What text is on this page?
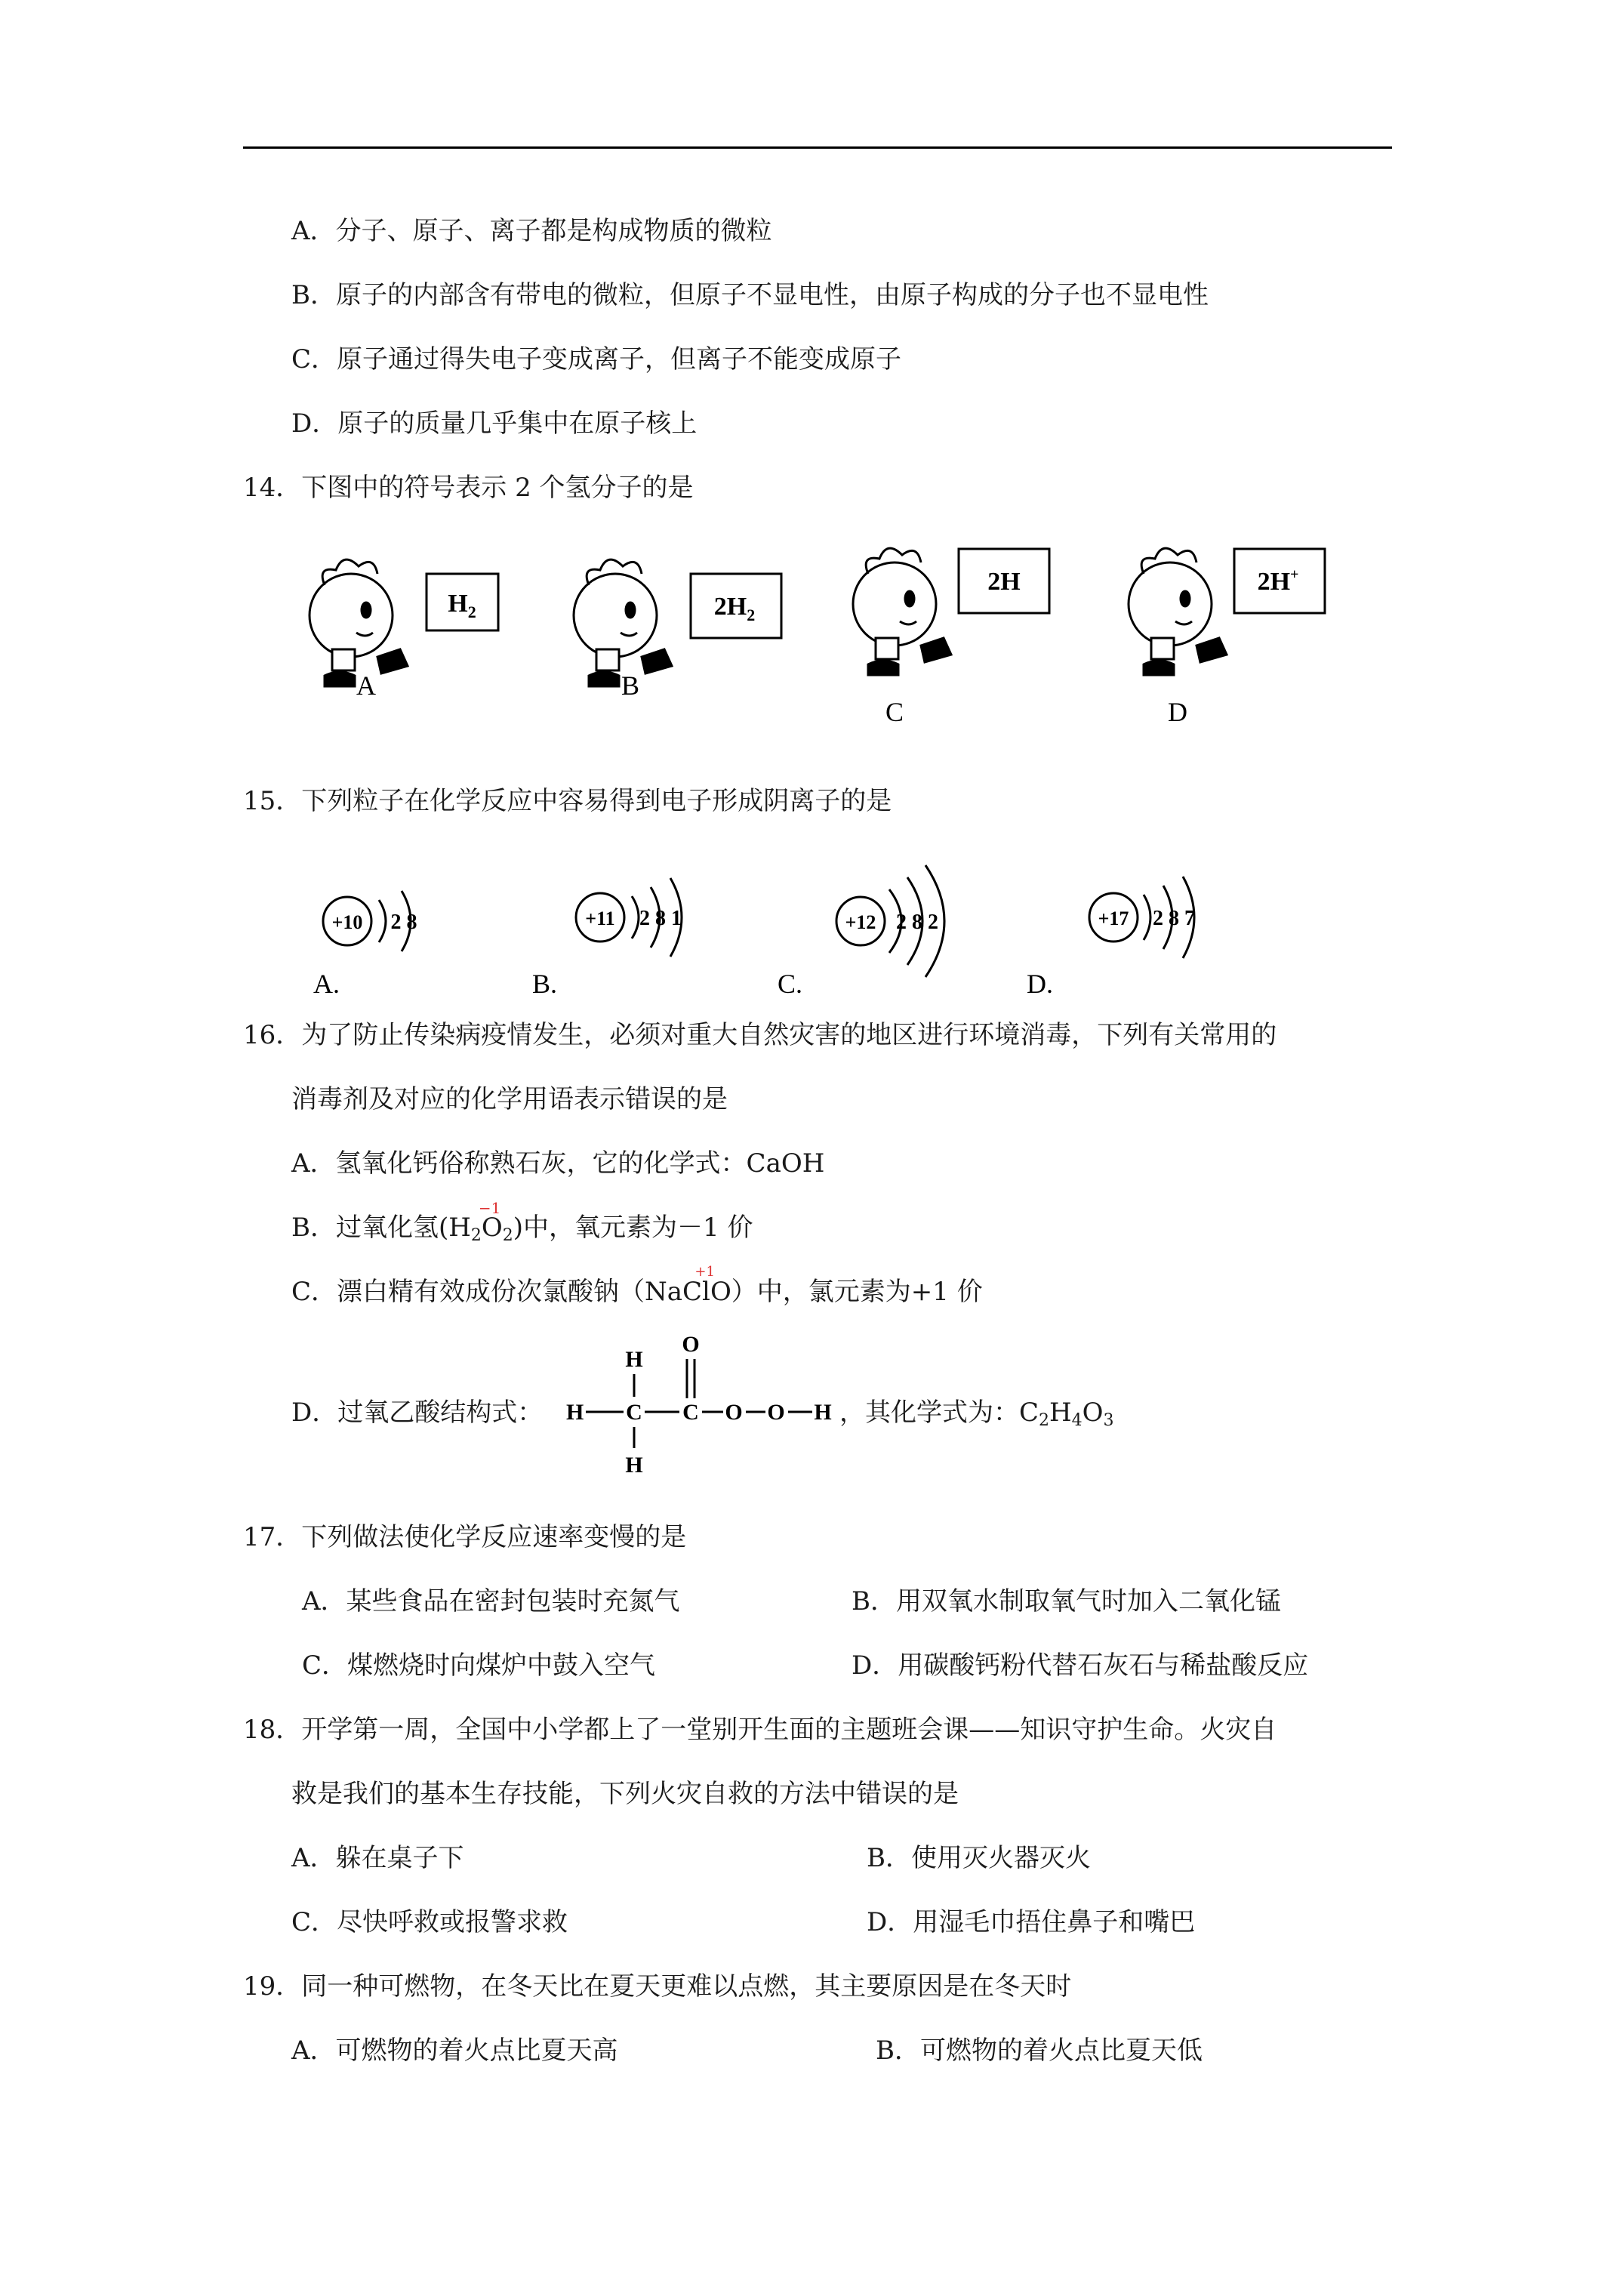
A．分子、原子、离子都是构成物质的微粒
B．原子的内部含有带电的微粒，但原子不显电性，由原子构成的分子也不显电性
C．原子通过得失电子变成离子，但离子不能变成原子
D．原子的质量几乎集中在原子核上
14．下图中的符号表示 2 个氢分子的是
$H_2$
A
$2H_2$
B
2H
C
2H+
D
15．下列粒子在化学反应中容易得到电子形成阴离子的是
+10 2 8
A.
+11 2 8 1
B.
+12 2 8 2
C.
+17 2 8 7
D.
16．为了防止传染病疫情发生，必须对重大自然灾害的地区进行环境消毒，下列有关常用的
消毒剂及对应的化学用语表示错误的是
A．氢氧化钙俗称熟石灰，它的化学式：CaOH
B．过氧化氢($H_2O$
−1
$_2$)中，氧元素为－1 价
C．漂白精有效成份次氯酸钠（NaCl
+1
O）中，氯元素为+1 价
D．过氧乙酸结构式：
H
H C C
H
O
O O H ，其化学式为：$C_2H_4O_3$
17．下列做法使化学反应速率变慢的是
A．某些食品在密封包装时充氮气	B．用双氧水制取氧气时加入二氧化锰
C．煤燃烧时向煤炉中鼓入空气	D．用碳酸钙粉代替石灰石与稀盐酸反应
18．开学第一周，全国中小学都上了一堂别开生面的主题班会课——知识守护生命。火灾自
救是我们的基本生存技能，下列火灾自救的方法中错误的是
A．躲在桌子下	B．使用灭火器灭火
C．尽快呼救或报警求救	D．用湿毛巾捂住鼻子和嘴巴
19．同一种可燃物，在冬天比在夏天更难以点燃，其主要原因是在冬天时
A．可燃物的着火点比夏天高	B．可燃物的着火点比夏天低
